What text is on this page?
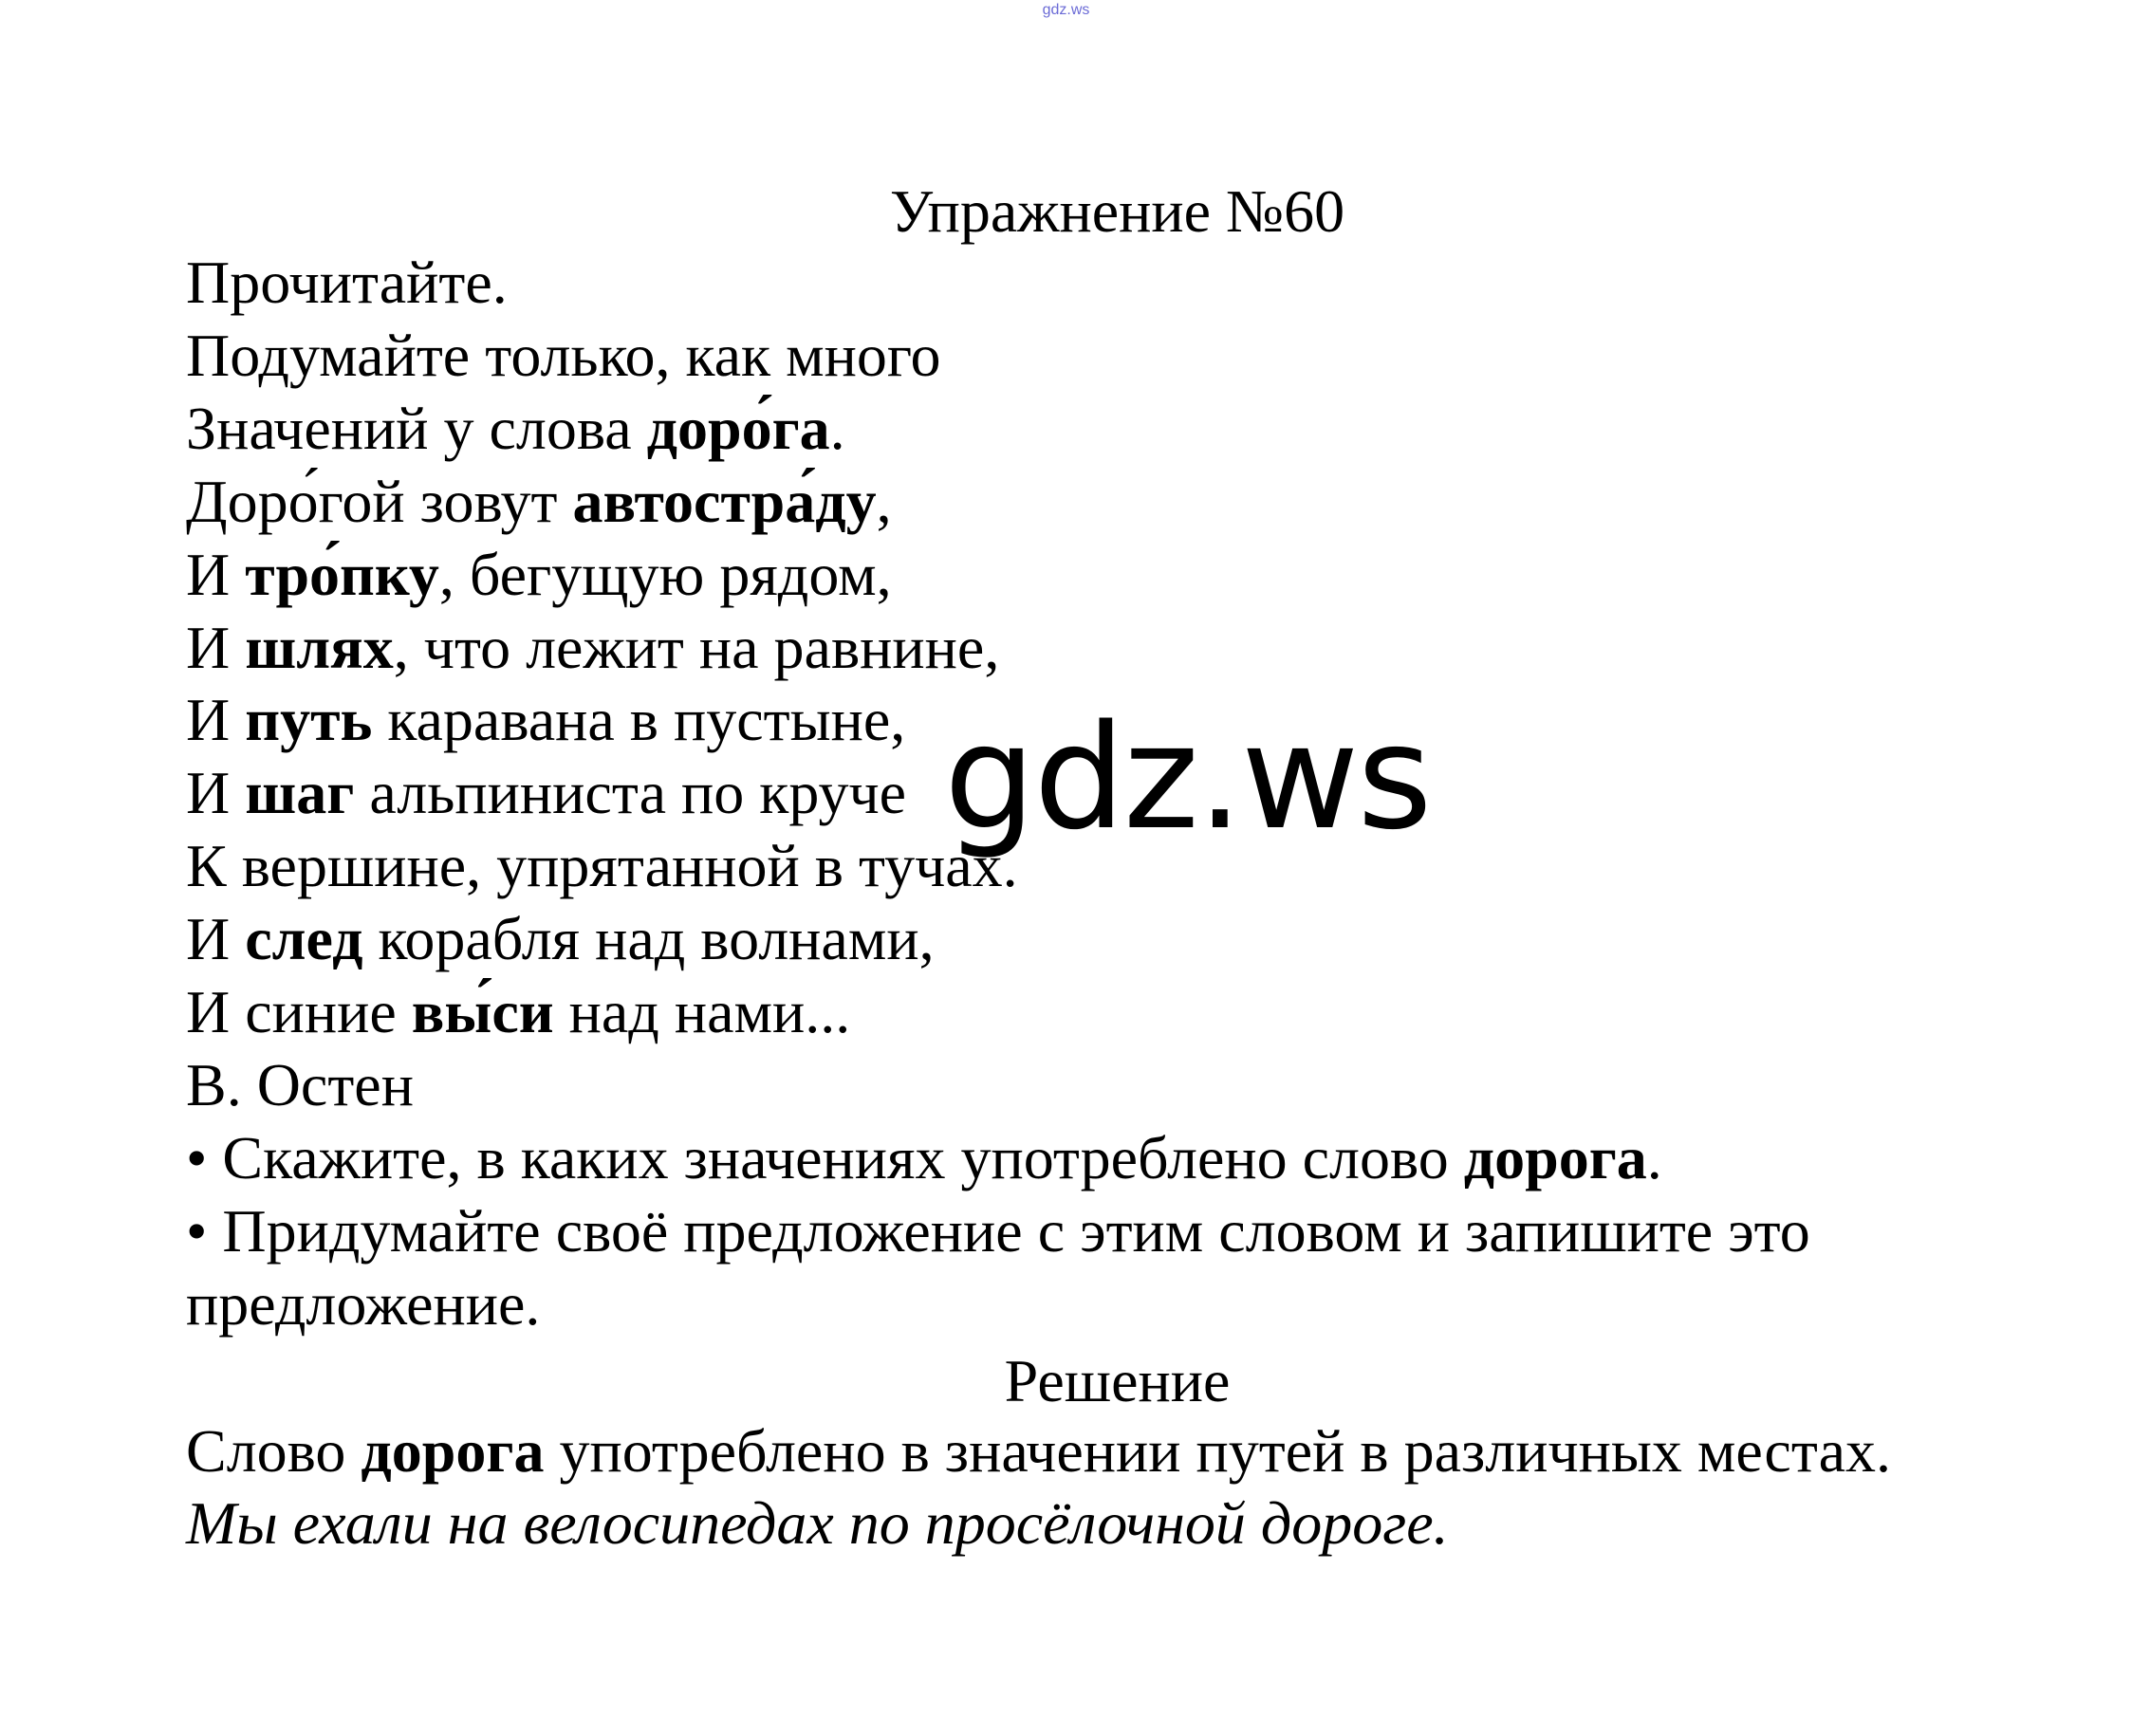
gdz.ws
Упражнение №60
Прочитайте.
Подумайте только, как много
Значений у слова доро́га.
Доро́гой зовут автостра́ду,
И тро́пку, бегущую рядом,
И шлях, что лежит на равнине,
И путь каравана в пустыне,
И шаг альпиниста по круче
К вершине, упрятанной в тучах.
И след корабля над волнами,
И синие вы́си над нами...
В. Остен
• Скажите, в каких значениях употреблено слово дорога.
• Придумайте своё предложение с этим словом и запишите это
предложение.
Решение
Слово дорога употреблено в значении путей в различных местах.
Мы ехали на велосипедах по просёлочной дороге.
gdz.ws
